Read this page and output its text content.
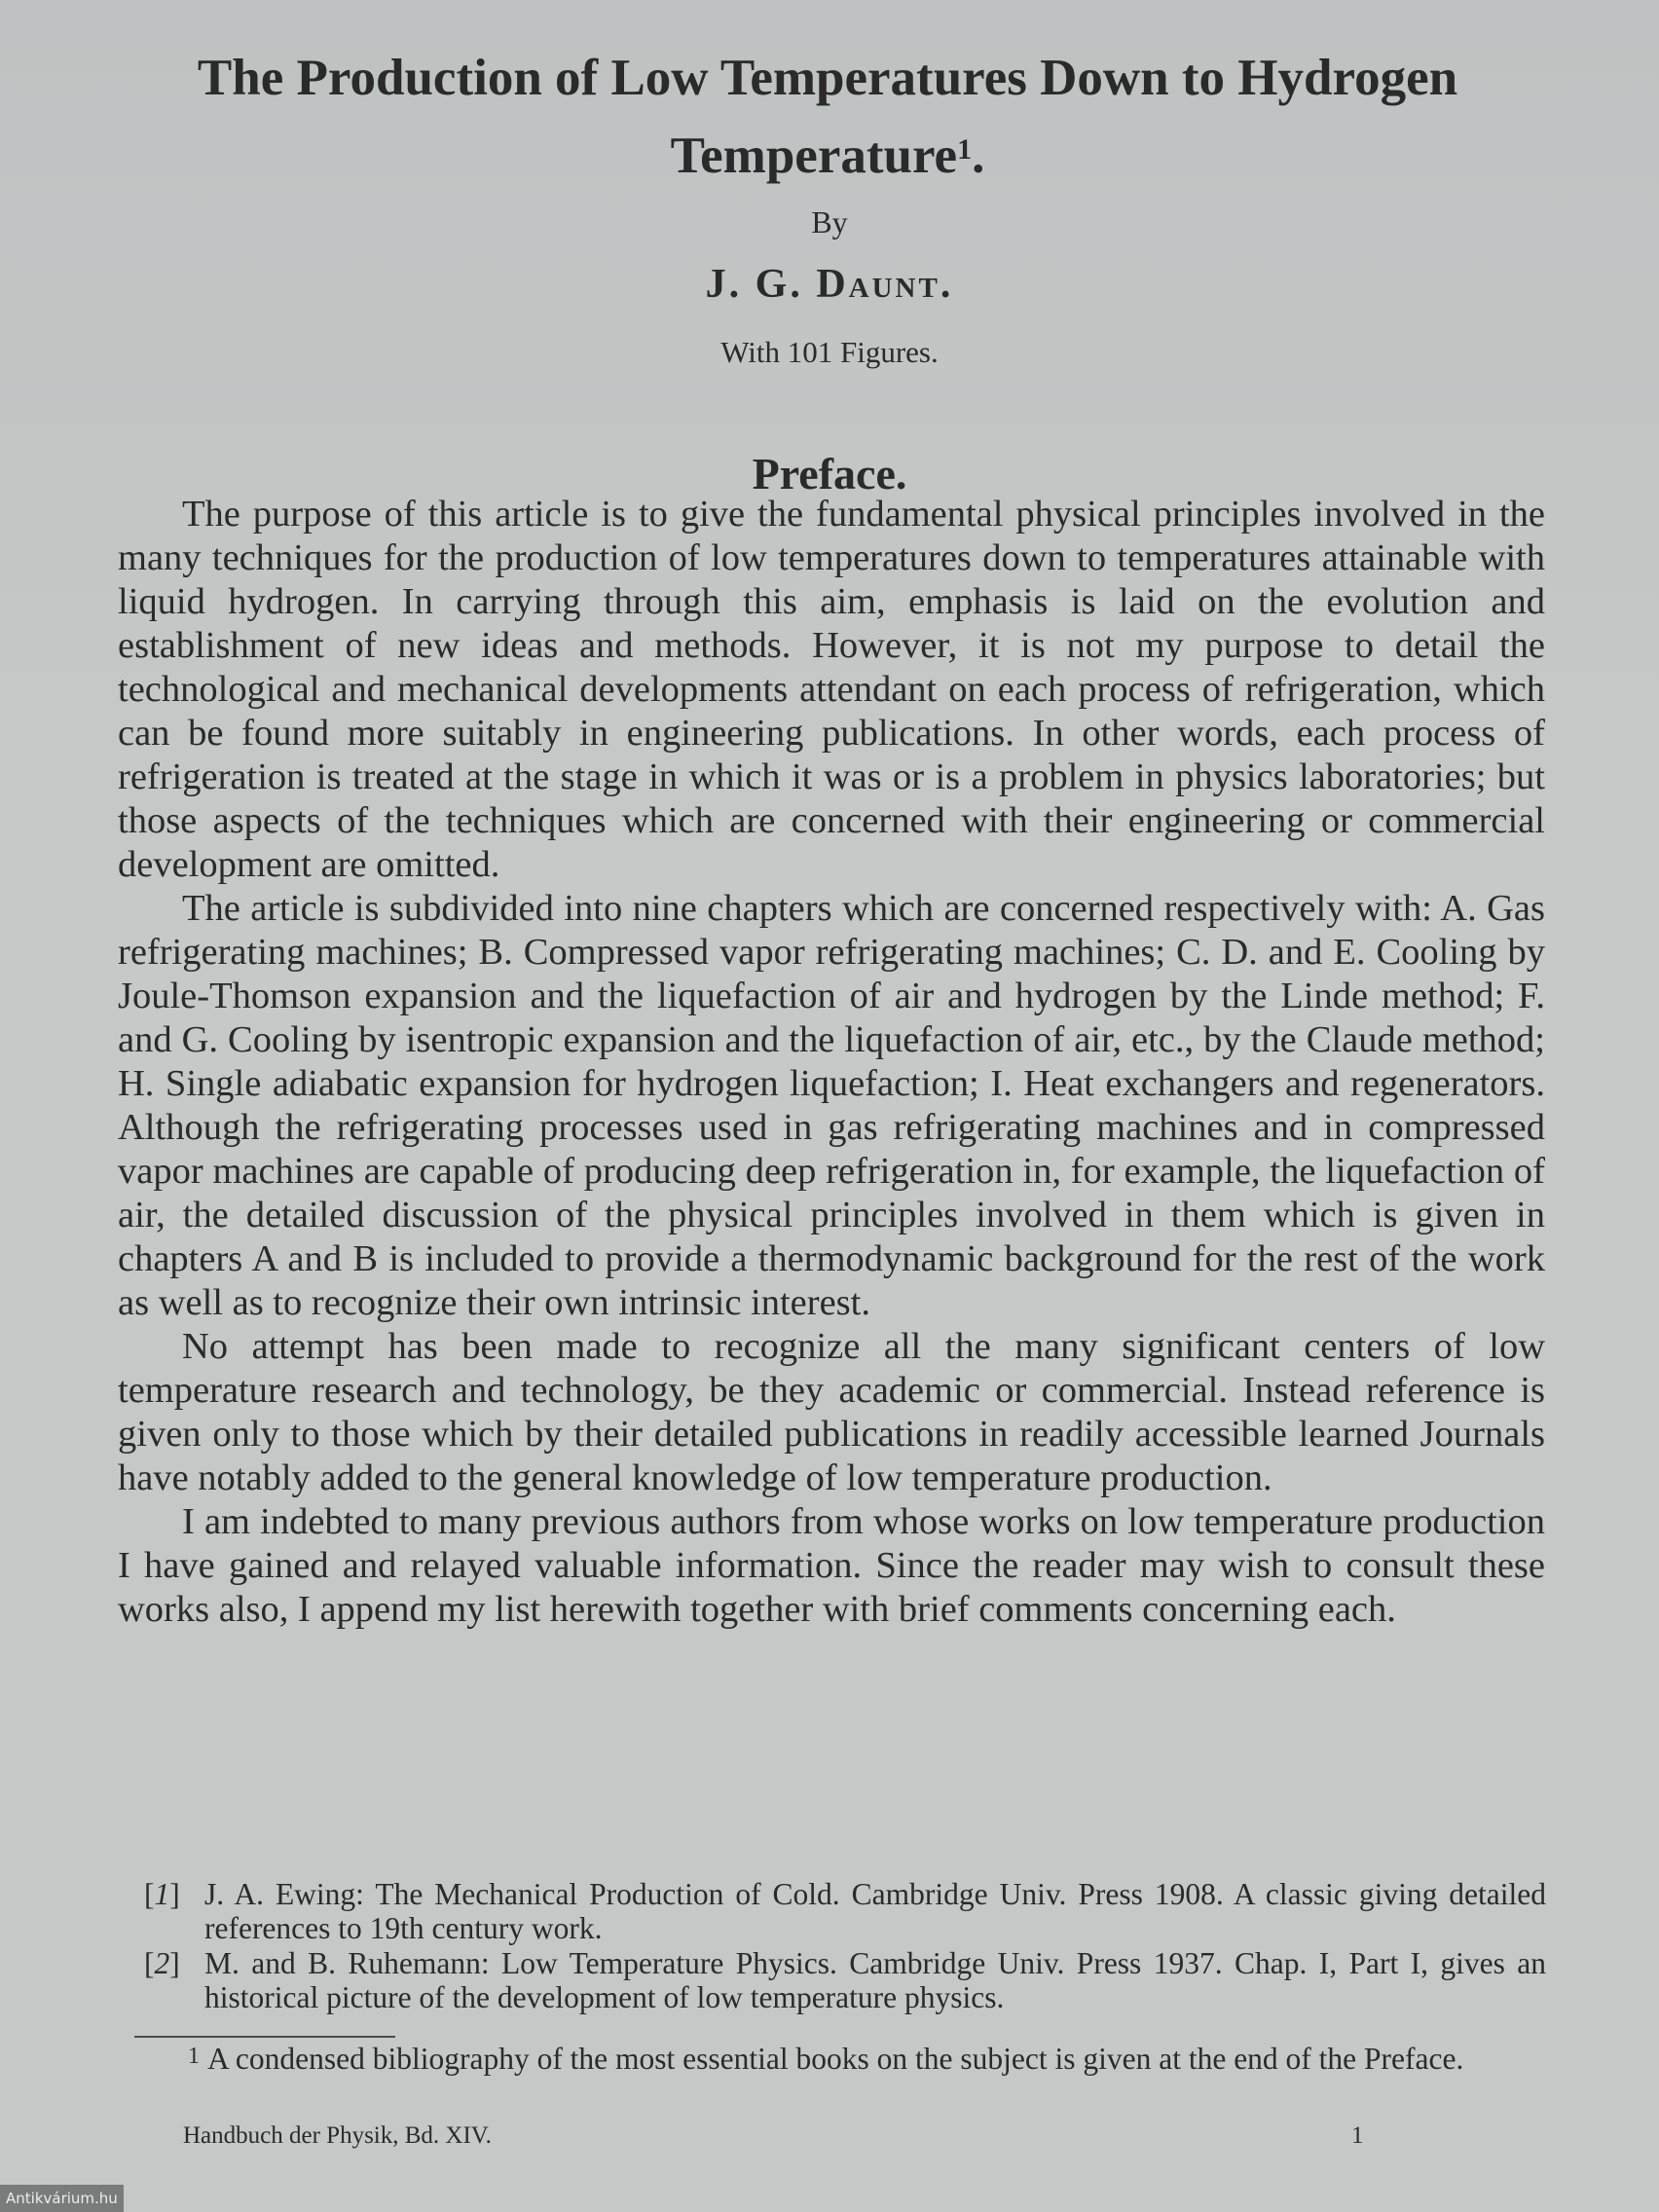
The Production of Low Temperatures Down to Hydrogen Temperature$^1$.
By
J. G. Daunt.
With 101 Figures.
Preface.

The purpose of this article is to give the fundamental physical principles involved in the many techniques for the production of low temperatures down to temperatures attainable with liquid hydrogen. In carrying through this aim, emphasis is laid on the evolution and establishment of new ideas and methods. However, it is not my purpose to detail the technological and mechanical developments attendant on each process of refrigeration, which can be found more suitably in engineering publications. In other words, each process of refrigeration is treated at the stage in which it was or is a problem in physics laboratories; but those aspects of the techniques which are concerned with their engineering or commercial development are omitted.

The article is subdivided into nine chapters which are concerned respectively with: A. Gas refrigerating machines; B. Compressed vapor refrigerating machines; C. D. and E. Cooling by Joule-Thomson expansion and the liquefaction of air and hydrogen by the Linde method; F. and G. Cooling by isentropic expansion and the liquefaction of air, etc., by the Claude method; H. Single adiabatic expansion for hydrogen liquefaction; I. Heat exchangers and regenerators. Although the refrigerating processes used in gas refrigerating machines and in compressed vapor machines are capable of producing deep refrigeration in, for example, the liquefaction of air, the detailed discussion of the physical principles involved in them which is given in chapters A and B is included to provide a thermodynamic background for the rest of the work as well as to recognize their own intrinsic interest.

No attempt has been made to recognize all the many significant centers of low temperature research and technology, be they academic or commercial. Instead reference is given only to those which by their detailed publications in readily accessible learned Journals have notably added to the general knowledge of low temperature production.

I am indebted to many previous authors from whose works on low temperature production I have gained and relayed valuable information. Since the reader may wish to consult these works also, I append my list herewith together with brief comments concerning each.

[1] J. A. Ewing: The Mechanical Production of Cold. Cambridge Univ. Press 1908. A classic giving detailed references to 19th century work.
[2] M. and B. Ruhemann: Low Temperature Physics. Cambridge Univ. Press 1937. Chap. I, Part I, gives an historical picture of the development of low temperature physics.
$^1$ A condensed bibliography of the most essential books on the subject is given at the end of the Preface.
Handbuch der Physik, Bd. XIV.	1
Antikvárium.hu
